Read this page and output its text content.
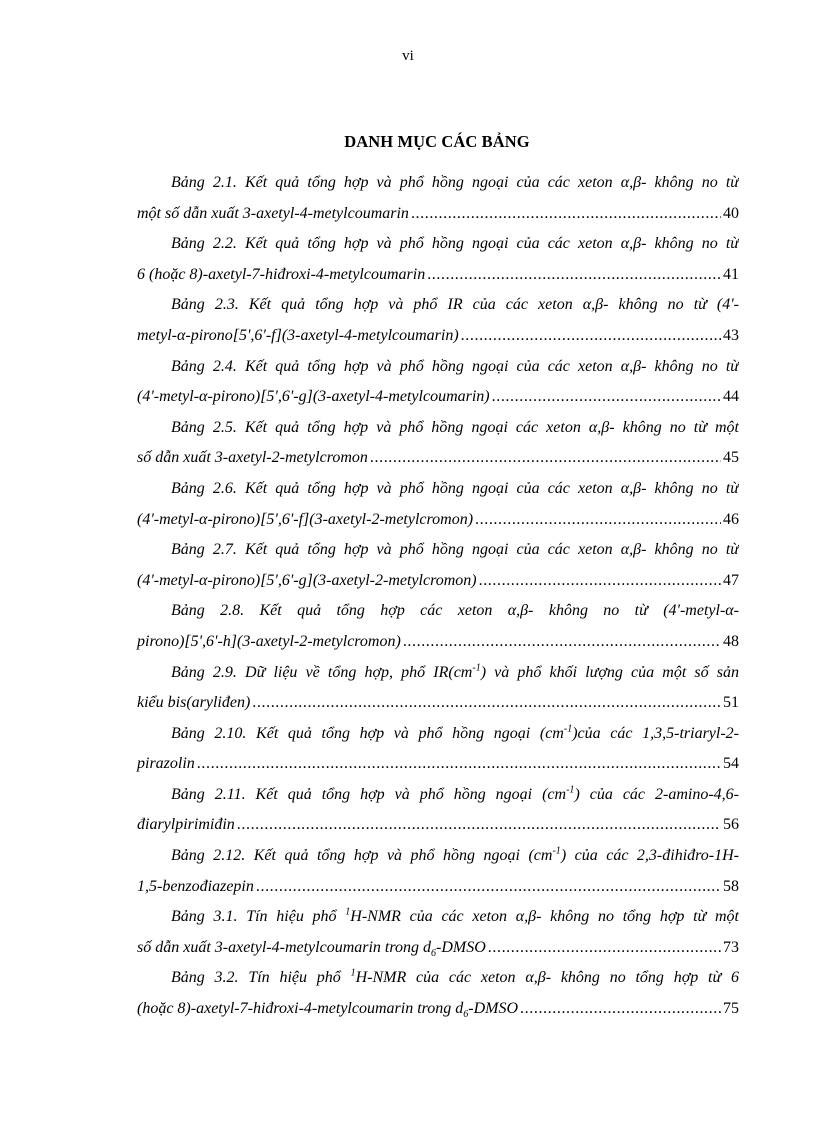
vi
DANH MỤC CÁC BẢNG
Bảng 2.1. Kết quả tổng hợp và phổ hồng ngoại của các xeton α,β- không no từ
một số dẫn xuất 3-axetyl-4-metylcoumarin .....	40
Bảng 2.2. Kết quả tổng hợp và phổ hồng ngoại của các xeton α,β- không no từ
6 (hoặc 8)-axetyl-7-hiđroxi-4-metylcoumarin .....	41
Bảng 2.3. Kết quả tổng hợp và phổ IR của các xeton α,β- không no từ (4'-
metyl-α-pirono[5',6'-f](3-axetyl-4-metylcoumarin) .....	43
Bảng 2.4. Kết quả tổng hợp và phổ hồng ngoại của các xeton α,β- không no từ
(4'-metyl-α-pirono)[5',6'-g](3-axetyl-4-metylcoumarin) .....	44
Bảng 2.5. Kết quả tổng hợp và phổ hồng ngoại các xeton α,β- không no từ một
số dẫn xuất 3-axetyl-2-metylcromon .....	45
Bảng 2.6. Kết quả tổng hợp và phổ hồng ngoại của các xeton α,β- không no từ
(4'-metyl-α-pirono)[5',6'-f](3-axetyl-2-metylcromon) .....	46
Bảng 2.7. Kết quả tổng hợp và phổ hồng ngoại của các xeton α,β- không no từ
(4'-metyl-α-pirono)[5',6'-g](3-axetyl-2-metylcromon) .....	47
Bảng 2.8. Kết quả tổng hợp các xeton α,β- không no từ (4'-metyl-α-
pirono)[5',6'-h](3-axetyl-2-metylcromon) .....	48
Bảng 2.9. Dữ liệu về tổng hợp, phổ $IR(cm^{-1})$ và phổ khối lượng của một số sản
kiểu bis(aryliđen) .....	51
Bảng 2.10. Kết quả tổng hợp và phổ hồng ngoại $(cm^{-1})của$ các 1,3,5-triaryl-2-
pirazolin .....	54
Bảng 2.11. Kết quả tổng hợp và phổ hồng ngoại $(cm^{-1})$ của các 2-amino-4,6-
điarylpirimiđin .....	56
Bảng 2.12. Kết quả tổng hợp và phổ hồng ngoại $(cm^{-1})$ của các 2,3-đihiđro-1H-
1,5-benzođiazepin .....	58
Bảng 3.1. Tín hiệu phổ $^1$H-NMR của các xeton α,β- không no tổng hợp từ một
số dẫn xuất 3-axetyl-4-metylcoumarin trong $d_6$-DMSO .....	73
Bảng 3.2. Tín hiệu phổ $^1$H-NMR của các xeton α,β- không no tổng hợp từ 6
(hoặc 8)-axetyl-7-hiđroxi-4-metylcoumarin trong $d_6$-DMSO .....	75
